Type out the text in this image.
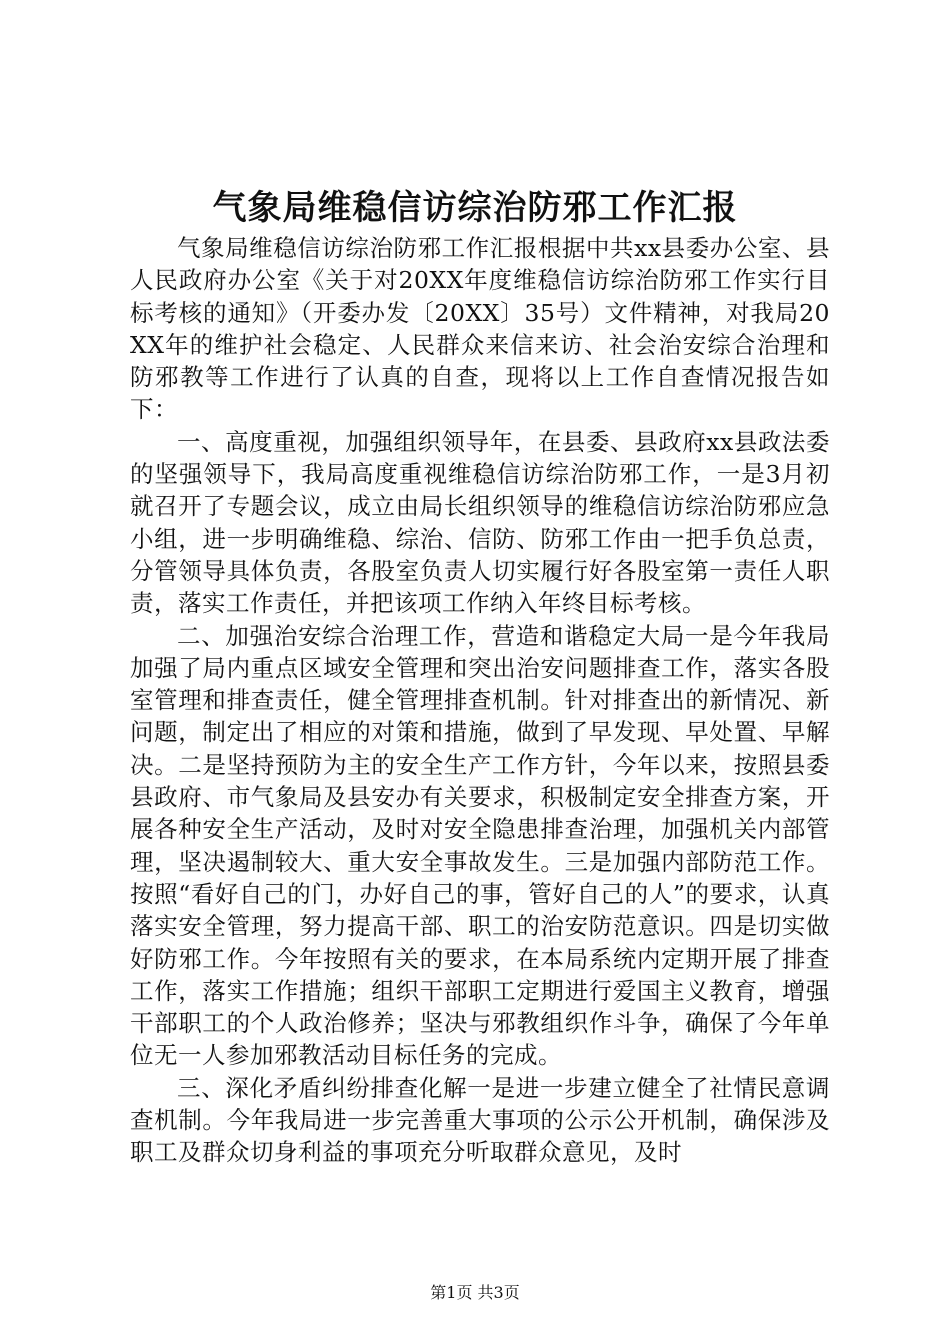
气象局维稳信访综治防邪工作汇报

气象局维稳信访综治防邪工作汇报根据中共xx县委办公室、县人民政府办公室《关于对20XX年度维稳信访综治防邪工作实行目标考核的通知》（开委办发〔20XX〕35号）文件精神，对我局20XX年的维护社会稳定、人民群众来信来访、社会治安综合治理和防邪教等工作进行了认真的自查，现将以上工作自查情况报告如下：

一、高度重视，加强组织领导年，在县委、县政府xx县政法委的坚强领导下，我局高度重视维稳信访综治防邪工作，一是3月初就召开了专题会议，成立由局长组织领导的维稳信访综治防邪应急小组，进一步明确维稳、综治、信防、防邪工作由一把手负总责，分管领导具体负责，各股室负责人切实履行好各股室第一责任人职责，落实工作责任，并把该项工作纳入年终目标考核。

二、加强治安综合治理工作，营造和谐稳定大局一是今年我局加强了局内重点区域安全管理和突出治安问题排查工作，落实各股室管理和排查责任，健全管理排查机制。针对排查出的新情况、新问题，制定出了相应的对策和措施，做到了早发现、早处置、早解决。二是坚持预防为主的安全生产工作方针，今年以来，按照县委县政府、市气象局及县安办有关要求，积极制定安全排查方案，开展各种安全生产活动，及时对安全隐患排查治理，加强机关内部管理，坚决遏制较大、重大安全事故发生。三是加强内部防范工作。按照“看好自己的门，办好自己的事，管好自己的人”的要求，认真落实安全管理，努力提高干部、职工的治安防范意识。四是切实做好防邪工作。今年按照有关的要求，在本局系统内定期开展了排查工作，落实工作措施；组织干部职工定期进行爱国主义教育，增强干部职工的个人政治修养；坚决与邪教组织作斗争，确保了今年单位无一人参加邪教活动目标任务的完成。

三、深化矛盾纠纷排查化解一是进一步建立健全了社情民意调查机制。今年我局进一步完善重大事项的公示公开机制，确保涉及职工及群众切身利益的事项充分听取群众意见，及时

第1页 共3页
